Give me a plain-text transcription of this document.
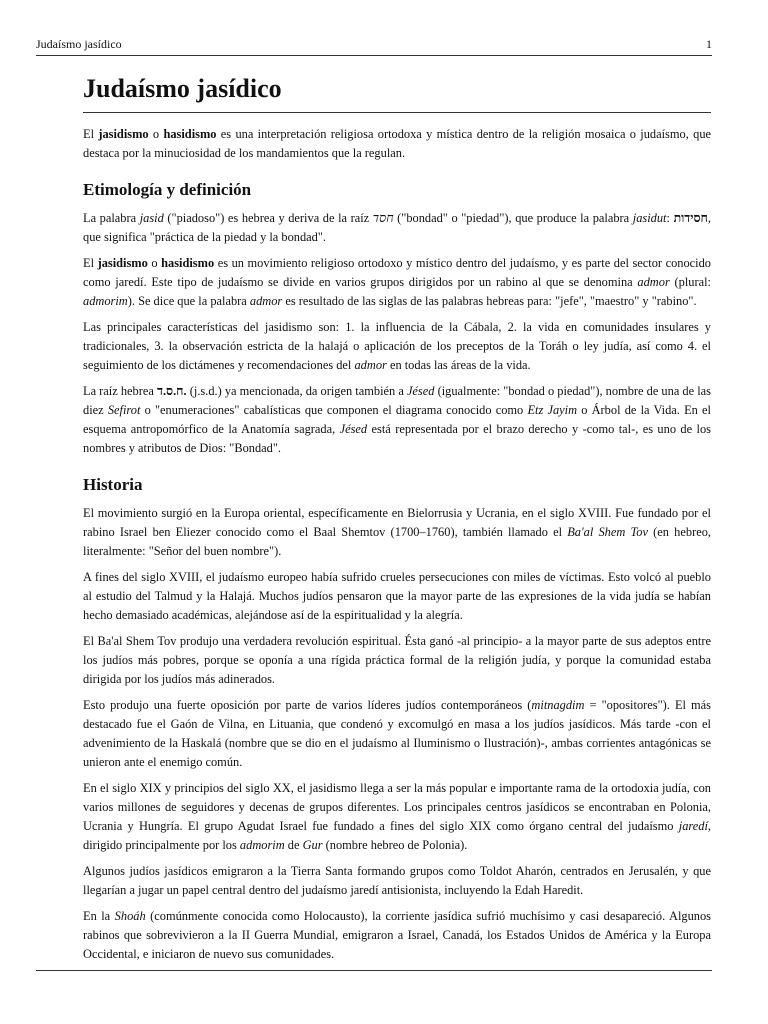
Judaísmo jasídico	1
Judaísmo jasídico

El jasidismo o hasidismo es una interpretación religiosa ortodoxa y mística dentro de la religión mosaica o judaísmo, que destaca por la minuciosidad de los mandamientos que la regulan.

Etimología y definición

La palabra jasid ("piadoso") es hebrea y deriva de la raíz חסד ("bondad" o "piedad"), que produce la palabra jasidut: חסידות, que significa "práctica de la piedad y la bondad".

El jasidismo o hasidismo es un movimiento religioso ortodoxo y místico dentro del judaísmo, y es parte del sector conocido como jaredí. Este tipo de judaísmo se divide en varios grupos dirigidos por un rabino al que se denomina admor (plural: admorim). Se dice que la palabra admor es resultado de las siglas de las palabras hebreas para: "jefe", "maestro" y "rabino".

Las principales características del jasidismo son: 1. la influencia de la Cábala, 2. la vida en comunidades insulares y tradicionales, 3. la observación estricta de la halajá o aplicación de los preceptos de la Toráh o ley judía, así como 4. el seguimiento de los dictámenes y recomendaciones del admor en todas las áreas de la vida.

La raíz hebrea ח.ס.ד. (j.s.d.) ya mencionada, da origen también a Jésed (igualmente: "bondad o piedad"), nombre de una de las diez Sefirot o "enumeraciones" cabalísticas que componen el diagrama conocido como Etz Jayim o Árbol de la Vida. En el esquema antropomórfico de la Anatomía sagrada, Jésed está representada por el brazo derecho y -como tal-, es uno de los nombres y atributos de Dios: "Bondad".

Historia

El movimiento surgió en la Europa oriental, específicamente en Bielorrusia y Ucrania, en el siglo XVIII. Fue fundado por el rabino Israel ben Eliezer conocido como el Baal Shemtov (1700–1760), también llamado el Ba'al Shem Tov (en hebreo, literalmente: "Señor del buen nombre").

A fines del siglo XVIII, el judaísmo europeo había sufrido crueles persecuciones con miles de víctimas. Esto volcó al pueblo al estudio del Talmud y la Halajá. Muchos judíos pensaron que la mayor parte de las expresiones de la vida judía se habían hecho demasiado académicas, alejándose así de la espiritualidad y la alegría.

El Ba'al Shem Tov produjo una verdadera revolución espiritual. Ésta ganó -al principio- a la mayor parte de sus adeptos entre los judíos más pobres, porque se oponía a una rígida práctica formal de la religión judía, y porque la comunidad estaba dirigida por los judíos más adinerados.

Esto produjo una fuerte oposición por parte de varios líderes judíos contemporáneos (mitnagdim = "opositores"). El más destacado fue el Gaón de Vilna, en Lituania, que condenó y excomulgó en masa a los judíos jasídicos. Más tarde -con el advenimiento de la Haskalá (nombre que se dio en el judaísmo al Iluminismo o Ilustración)-, ambas corrientes antagónicas se unieron ante el enemigo común.

En el siglo XIX y principios del siglo XX, el jasidismo llega a ser la más popular e importante rama de la ortodoxia judía, con varios millones de seguidores y decenas de grupos diferentes. Los principales centros jasídicos se encontraban en Polonia, Ucrania y Hungría. El grupo Agudat Israel fue fundado a fines del siglo XIX como órgano central del judaísmo jaredí, dirigido principalmente por los admorim de Gur (nombre hebreo de Polonia).

Algunos judíos jasídicos emigraron a la Tierra Santa formando grupos como Toldot Aharón, centrados en Jerusalén, y que llegarían a jugar un papel central dentro del judaísmo jaredí antisionista, incluyendo la Edah Haredit.

En la Shoáh (comúnmente conocida como Holocausto), la corriente jasídica sufrió muchísimo y casi desapareció. Algunos rabinos que sobrevivieron a la II Guerra Mundial, emigraron a Israel, Canadá, los Estados Unidos de América y la Europa Occidental, e iniciaron de nuevo sus comunidades.
